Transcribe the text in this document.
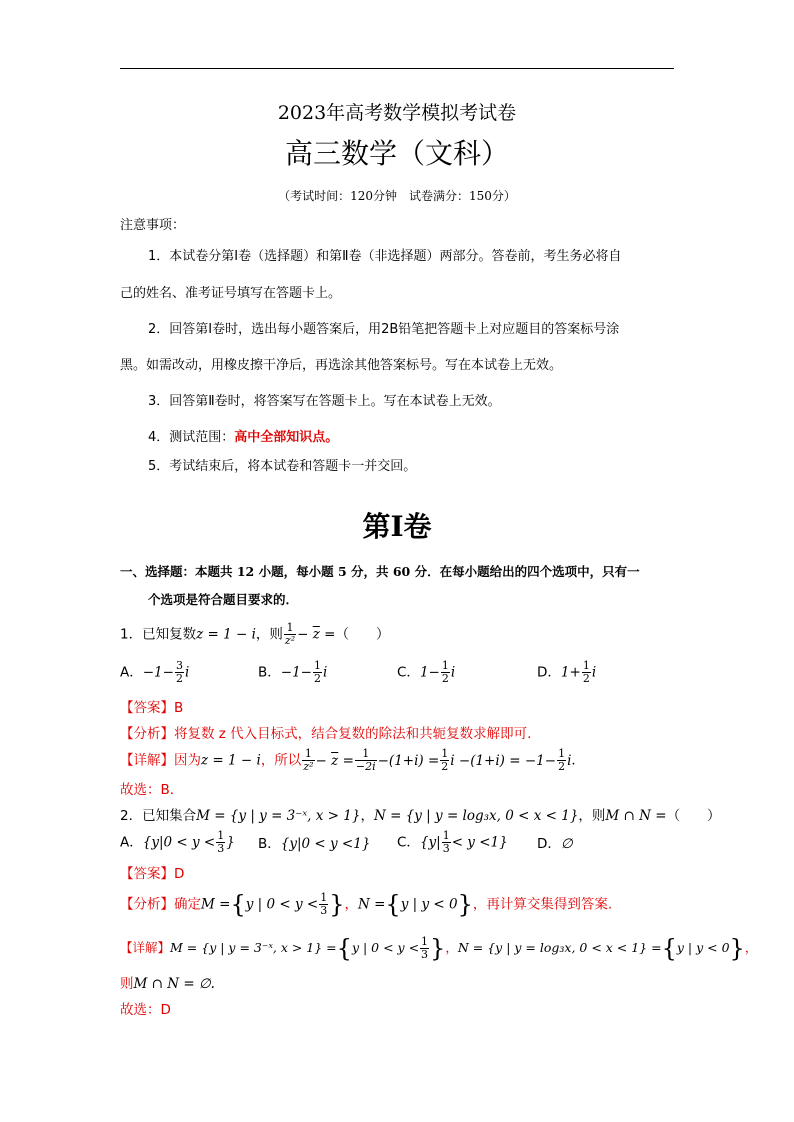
2023年高考数学模拟考试卷
高三数学（文科）
（考试时间：120分钟　试卷满分：150分）
注意事项：
1．本试卷分第Ⅰ卷（选择题）和第Ⅱ卷（非选择题）两部分。答卷前，考生务必将自
己的姓名、准考证号填写在答题卡上。
2．回答第Ⅰ卷时，选出每小题答案后，用2B铅笔把答题卡上对应题目的答案标号涂
黑。如需改动，用橡皮擦干净后，再选涂其他答案标号。写在本试卷上无效。
3．回答第Ⅱ卷时，将答案写在答题卡上。写在本试卷上无效。
4．测试范围：高中全部知识点。
5．考试结束后，将本试卷和答题卡一并交回。
第Ⅰ卷
一、选择题：本题共 12 小题，每小题 5 分，共 60 分．在每小题给出的四个选项中，只有一
个选项是符合题目要求的．
1．已知复数z = 1 − i，则 $\frac{1}{\text{z²}} - \overline{z}$ =（　　）
A．$-1- \frac{3}{2}$ i	B．$-1- \frac{1}{2}$ i	C．$1- \frac{1}{2}$ i	D．$1+ \frac{1}{2}$ i
【答案】B
【分析】将复数 z 代入目标式，结合复数的除法和共轭复数求解即可.
【详解】因为z = 1 − i，所以 $\frac{1}{\text{z²}} - \overline{z} = \frac{1}{-2i} -(1+i) = \frac{1}{2}$ $i -(1+i) = -1- \frac{1}{2}$ i．
故选：B．
2．已知集合M = {y | y = 3⁻ˣ, x > 1}，N = {y | y = log₃x, 0 < x < 1}，则M ∩ N =（　　）
A．{$y|0 < y < \frac{1}{3}$ } B．{y|0 < y <1} C．$\{y| \frac{1}{3} < y <1\}$ D．∅
【答案】D
【分析】确定M ={y | $0 < y < \frac{1}{3}$ }，N ={y | y < 0}，再计算交集得到答案.
【详解】M = {y | y = 3⁻ˣ, x > 1} ={y | $0 < y < \frac{1}{3}$ }，N = {y | y = log₃x, 0 < x < 1} ={y | y < 0}，
则M ∩ N = ∅.
故选：D
